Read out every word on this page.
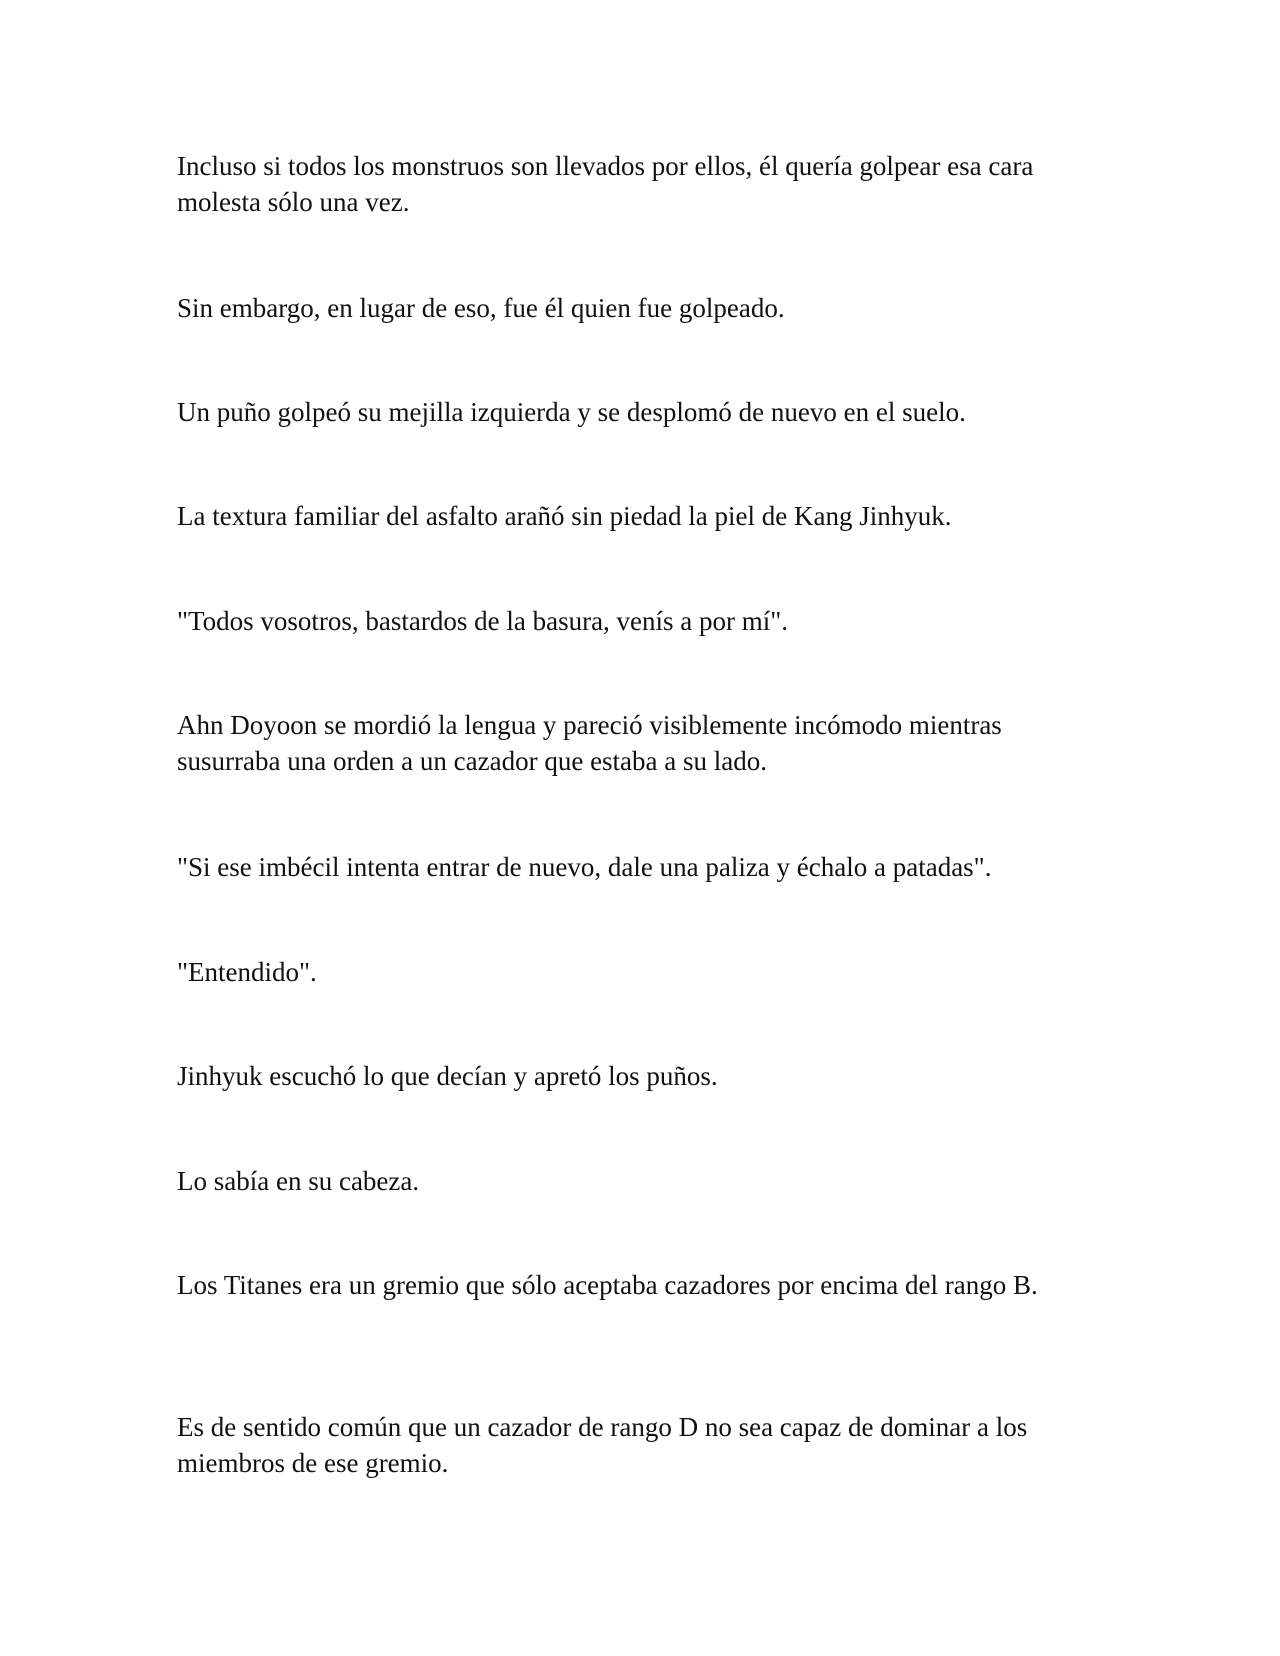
Incluso si todos los monstruos son llevados por ellos, él quería golpear esa cara molesta sólo una vez.

Sin embargo, en lugar de eso, fue él quien fue golpeado.

Un puño golpeó su mejilla izquierda y se desplomó de nuevo en el suelo.

La textura familiar del asfalto arañó sin piedad la piel de Kang Jinhyuk.

"Todos vosotros, bastardos de la basura, venís a por mí".

Ahn Doyoon se mordió la lengua y pareció visiblemente incómodo mientras susurraba una orden a un cazador que estaba a su lado.

"Si ese imbécil intenta entrar de nuevo, dale una paliza y échalo a patadas".

"Entendido".

Jinhyuk escuchó lo que decían y apretó los puños.

Lo sabía en su cabeza.

Los Titanes era un gremio que sólo aceptaba cazadores por encima del rango B.

Es de sentido común que un cazador de rango D no sea capaz de dominar a los miembros de ese gremio.
